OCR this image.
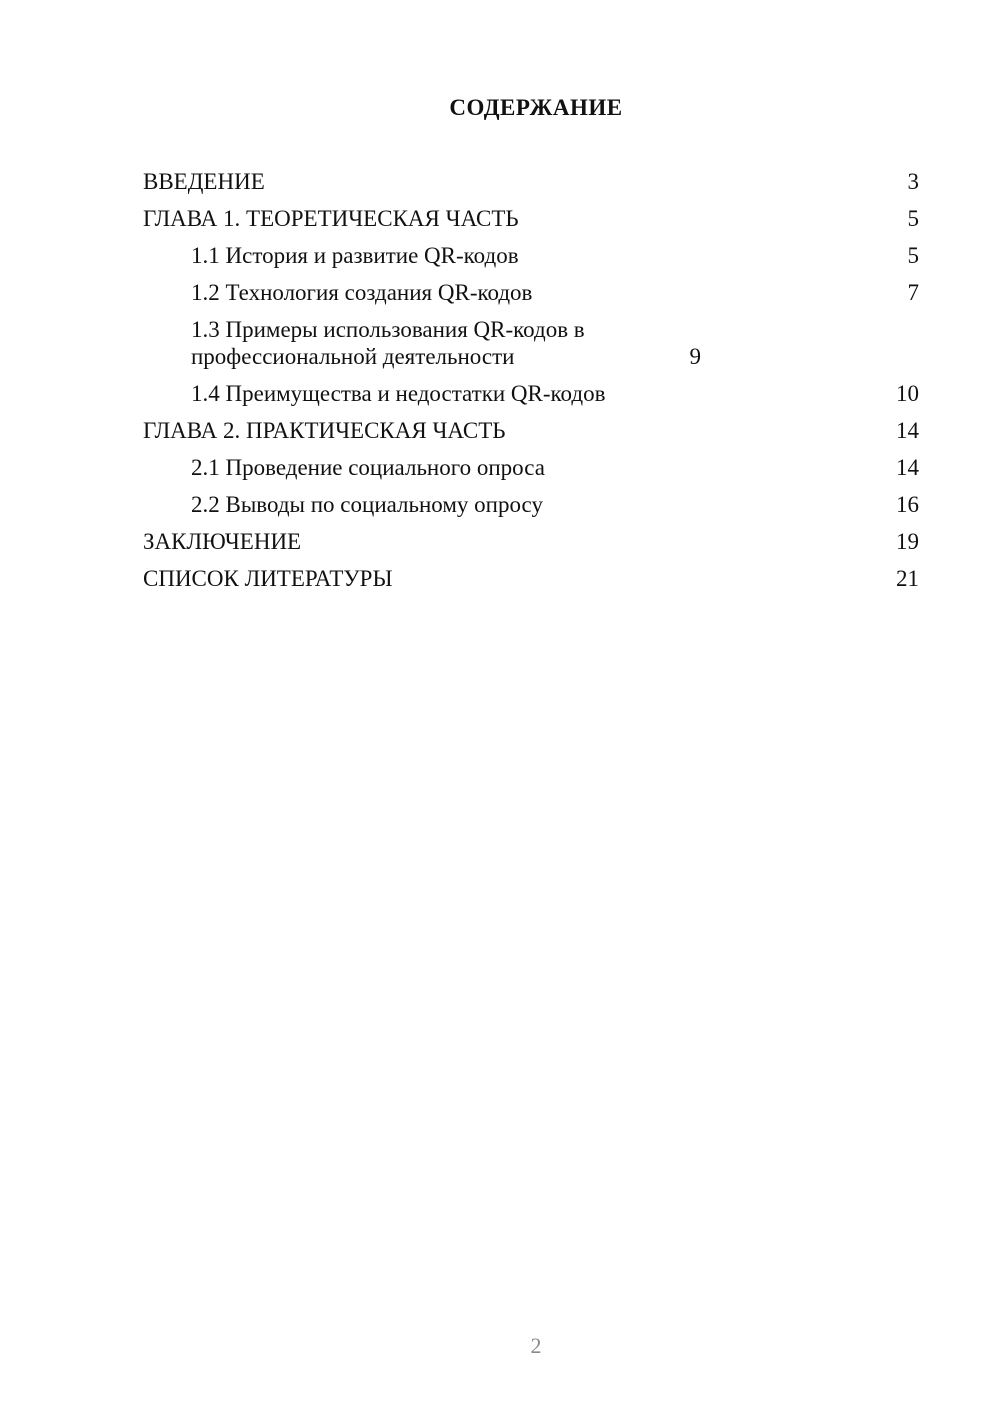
СОДЕРЖАНИЕ
ВВЕДЕНИЕ	3
ГЛАВА 1. ТЕОРЕТИЧЕСКАЯ ЧАСТЬ	5
1.1 История и развитие QR-кодов	5
1.2 Технология создания QR-кодов	7
1.3 Примеры использования QR-кодов в профессиональной деятельности	9
1.4 Преимущества и недостатки QR-кодов	10
ГЛАВА 2. ПРАКТИЧЕСКАЯ ЧАСТЬ	14
2.1 Проведение социального опроса	14
2.2 Выводы по социальному опросу	16
ЗАКЛЮЧЕНИЕ	19
СПИСОК ЛИТЕРАТУРЫ	21
2
